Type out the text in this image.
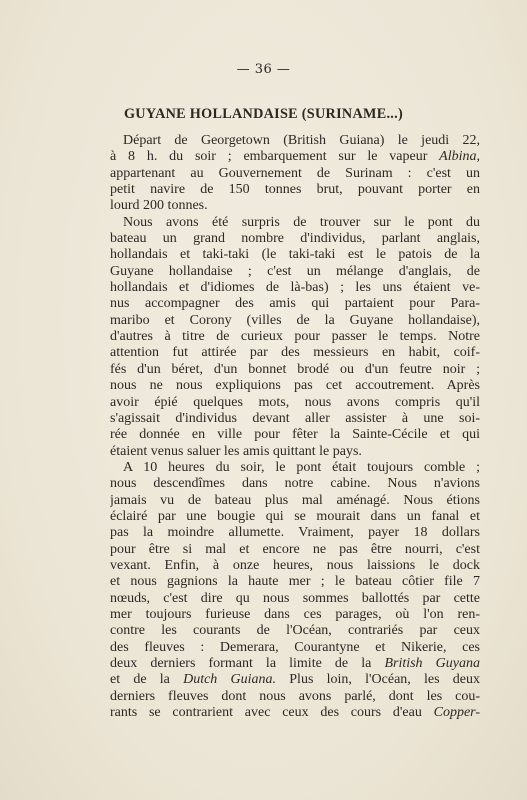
— 36 —
GUYANE HOLLANDAISE (SURINAME...)
Départ de Georgetown (British Guiana) le jeudi 22,
à 8 h. du soir ; embarquement sur le vapeur Albina,
appartenant au Gouvernement de Surinam : c'est un
petit navire de 150 tonnes brut, pouvant porter en
lourd 200 tonnes.
Nous avons été surpris de trouver sur le pont du
bateau un grand nombre d'individus, parlant anglais,
hollandais et taki-taki (le taki-taki est le patois de la
Guyane hollandaise ; c'est un mélange d'anglais, de
hollandais et d'idiomes de là-bas) ; les uns étaient ve-
nus accompagner des amis qui partaient pour Para-
maribo et Corony (villes de la Guyane hollandaise),
d'autres à titre de curieux pour passer le temps. Notre
attention fut attirée par des messieurs en habit, coif-
fés d'un béret, d'un bonnet brodé ou d'un feutre noir ;
nous ne nous expliquions pas cet accoutrement. Après
avoir épié quelques mots, nous avons compris qu'il
s'agissait d'individus devant aller assister à une soi-
rée donnée en ville pour fêter la Sainte-Cécile et qui
étaient venus saluer les amis quittant le pays.
A 10 heures du soir, le pont était toujours comble ;
nous descendîmes dans notre cabine. Nous n'avions
jamais vu de bateau plus mal aménagé. Nous étions
éclairé par une bougie qui se mourait dans un fanal et
pas la moindre allumette. Vraiment, payer 18 dollars
pour être si mal et encore ne pas être nourri, c'est
vexant. Enfin, à onze heures, nous laissions le dock
et nous gagnions la haute mer ; le bateau côtier file 7
nœuds, c'est dire qu nous sommes ballottés par cette
mer toujours furieuse dans ces parages, où l'on ren-
contre les courants de l'Océan, contrariés par ceux
des fleuves : Demerara, Courantyne et Nikerie, ces
deux derniers formant la limite de la British Guyana
et de la Dutch Guiana. Plus loin, l'Océan, les deux
derniers fleuves dont nous avons parlé, dont les cou-
rants se contrarient avec ceux des cours d'eau Copper-
